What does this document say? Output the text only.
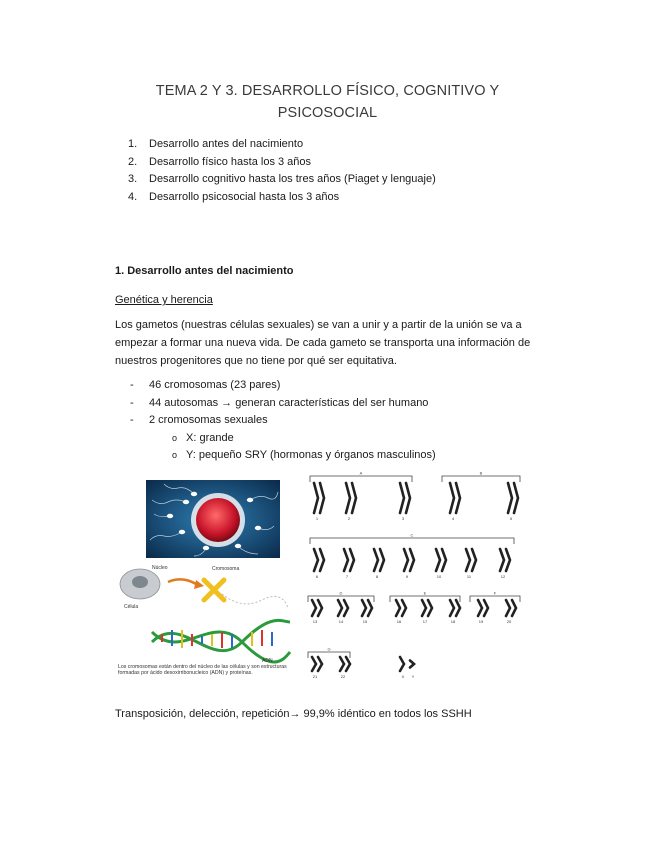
TEMA 2 Y 3. DESARROLLO FÍSICO, COGNITIVO Y
PSICOSOCIAL
1.	Desarrollo antes del nacimiento
2.	Desarrollo físico hasta los 3 años
3.	Desarrollo cognitivo hasta los tres años (Piaget y lenguaje)
4.	Desarrollo psicosocial hasta los 3 años
1. Desarrollo antes del nacimiento
Genética y herencia
Los gametos (nuestras células sexuales) se van a unir y a partir de la unión se va a empezar a formar una nueva vida. De cada gameto se transporta una información de nuestros progenitores que no tiene por qué ser equitativa.
-	46 cromosomas (23 pares)
-	44 autosomas → generan características del ser humano
-	2 cromosomas sexuales
o X: grande
o Y: pequeño SRY (hormonas y órganos masculinos)
Núcleo
Célula
Cromosoma
ADN
Los cromosomas están dentro del núcleo de las células y son estructuras formadas por ácido desoxirribonucleico (ADN) y proteínas.
A	B
C
D	E	F
G
1	2	3	4	5
6	7	8	9	10	11	12
13	14	15	16	17	18	19	20
21	22	X Y
Transposición, delección, repetición→ 99,9% idéntico en todos los SSHH
